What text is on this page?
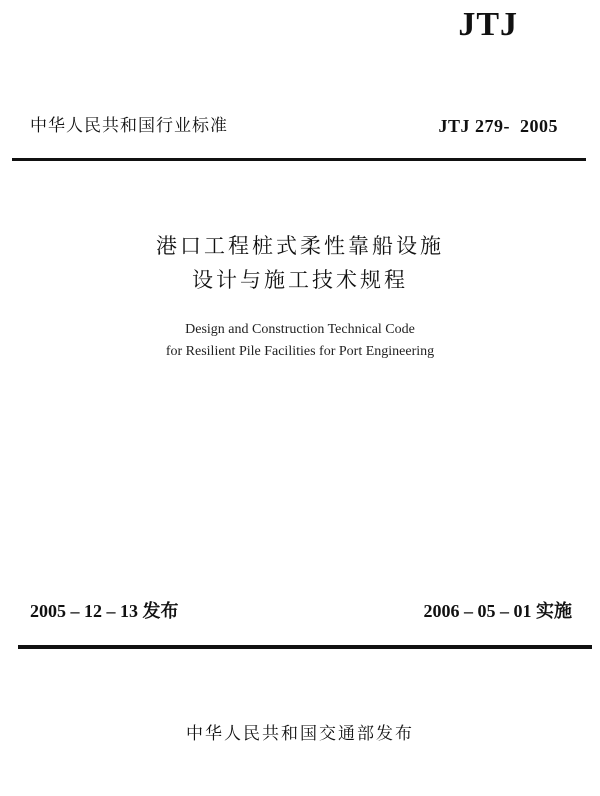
JTJ
中华人民共和国行业标准	JTJ 279-  2005
港口工程桩式柔性靠船设施
设计与施工技术规程
Design and Construction Technical Code
for Resilient Pile Facilities for Port Engineering
2005 – 12 – 13 发布	2006 – 05 – 01 实施
中华人民共和国交通部发布
